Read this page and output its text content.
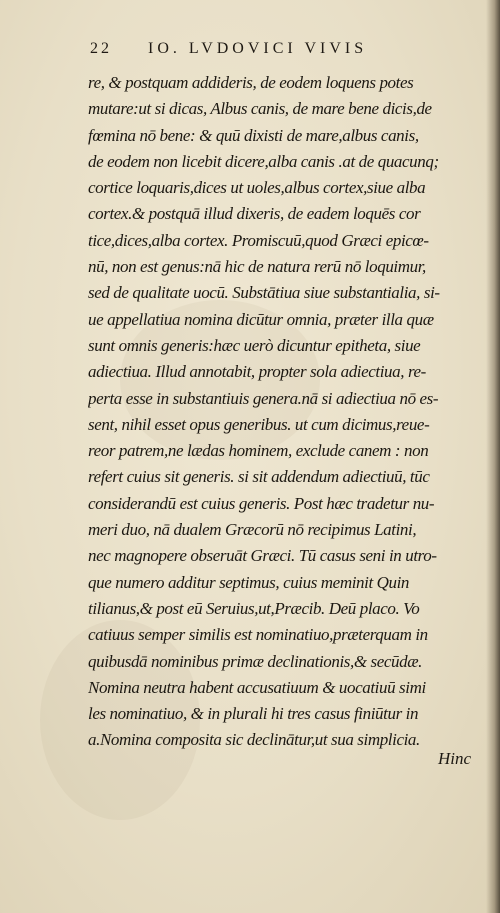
22 IO. LVDOVICI VIVIS
re, & postquam addideris, de eodem loquens potes
mutare:ut si dicas, Albus canis, de mare bene dicis,de
fœmina nō bene: & quū dixisti de mare,albus canis,
de eodem non licebit dicere,alba canis .at de quacunq;
cortice loquaris,dices ut uoles,albus cortex,siue alba
cortex.& postquā illud dixeris, de eadem loquēs cor
tice,dices,alba cortex. Promiscuū,quod Græci epicœ-
nū, non est genus:nā hic de natura rerū nō loquimur,
sed de qualitate uocū. Substātiua siue substantialia, si-
ue appellatiua nomina dicūtur omnia, præter illa quæ
sunt omnis generis:hæc uerò dicuntur epitheta, siue
adiectiua. Illud annotabit, propter sola adiectiua, re-
perta esse in substantiuis genera.nā si adiectiua nō es-
sent, nihil esset opus generibus. ut cum dicimus,reue-
reor patrem,ne lædas hominem, exclude canem : non
refert cuius sit generis. si sit addendum adiectiuū, tūc
considerandū est cuius generis. Post hæc tradetur nu-
meri duo, nā dualem Græcorū nō recipimus Latini,
nec magnopere obseruāt Græci. Tū casus seni in utro-
que numero additur septimus, cuius meminit Quin
tilianus,& post eū Seruius,ut,Præcib. Deū placo. Vo
catiuus semper similis est nominatiuo,præterquam in
quibusdā nominibus primæ declinationis,& secūdæ.
Nomina neutra habent accusatiuum & uocatiuū simi
les nominatiuo, & in plurali hi tres casus finiūtur in
a.Nomina composita sic declinātur,ut sua simplicia.
Hinc
